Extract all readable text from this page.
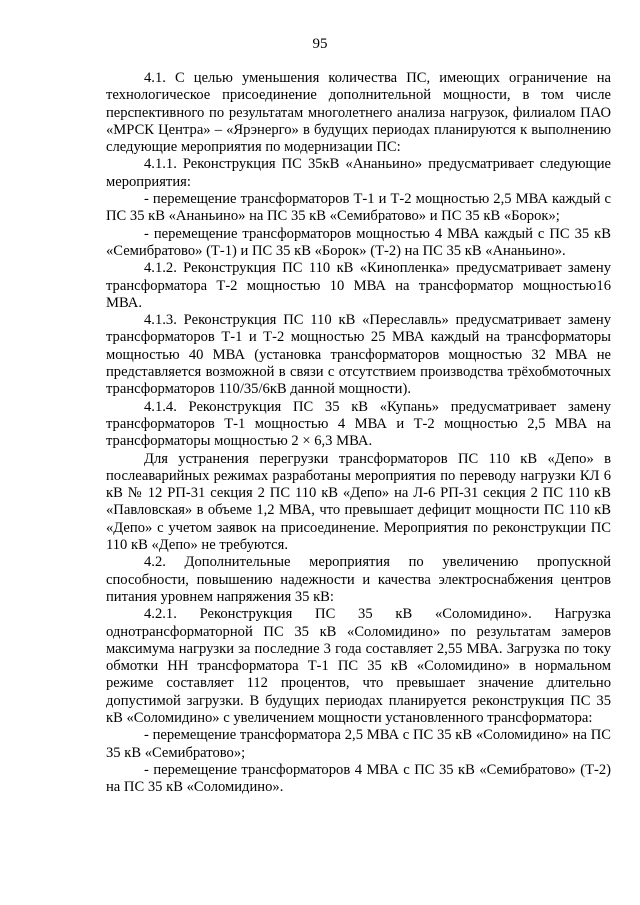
95

4.1. С целью уменьшения количества ПС, имеющих ограничение на технологическое присоединение дополнительной мощности, в том числе перспективного по результатам многолетнего анализа нагрузок, филиалом ПАО «МРСК Центра» – «Ярэнерго» в будущих периодах планируются к выполнению следующие мероприятия по модернизации ПС:

4.1.1. Реконструкция ПС 35кВ «Ананьино» предусматривает следующие мероприятия:

- перемещение трансформаторов Т-1 и Т-2 мощностью 2,5 МВА каждый с ПС 35 кВ «Ананьино» на ПС 35 кВ «Семибратово» и ПС 35 кВ «Борок»;

- перемещение трансформаторов мощностью 4 МВА каждый с ПС 35 кВ «Семибратово» (Т-1) и ПС 35 кВ «Борок» (Т-2) на ПС 35 кВ «Ананьино».

4.1.2. Реконструкция ПС 110 кВ «Кинопленка» предусматривает замену трансформатора Т-2 мощностью 10 МВА на трансформатор мощностью16 МВА.

4.1.3. Реконструкция ПС 110 кВ «Переславль» предусматривает замену трансформаторов Т-1 и Т-2 мощностью 25 МВА каждый на трансформаторы мощностью 40 МВА (установка трансформаторов мощностью 32 МВА не представляется возможной в связи с отсутствием производства трёхобмоточных трансформаторов 110/35/6кВ данной мощности).

4.1.4. Реконструкция ПС 35 кВ «Купань» предусматривает замену трансформаторов Т-1 мощностью 4 МВА и Т-2 мощностью 2,5 МВА на трансформаторы мощностью 2 × 6,3 МВА.

Для устранения перегрузки трансформаторов ПС 110 кВ «Депо» в послеаварийных режимах разработаны мероприятия по переводу нагрузки КЛ 6 кВ № 12 РП-31 секция 2 ПС 110 кВ «Депо» на Л-6 РП-31 секция 2 ПС 110 кВ «Павловская» в объеме 1,2 МВА, что превышает дефицит мощности ПС 110 кВ «Депо» с учетом заявок на присоединение. Мероприятия по реконструкции ПС 110 кВ «Депо» не требуются.

4.2. Дополнительные мероприятия по увеличению пропускной способности, повышению надежности и качества электроснабжения центров питания уровнем напряжения 35 кВ:

4.2.1. Реконструкция ПС 35 кВ «Соломидино». Нагрузка однотрансформаторной ПС 35 кВ «Соломидино» по результатам замеров максимума нагрузки за последние 3 года составляет 2,55 МВА. Загрузка по току обмотки НН трансформатора Т-1 ПС 35 кВ «Соломидино» в нормальном режиме составляет 112 процентов, что превышает значение длительно допустимой загрузки. В будущих периодах планируется реконструкция ПС 35 кВ «Соломидино» с увеличением мощности установленного трансформатора:

- перемещение трансформатора 2,5 МВА с ПС 35 кВ «Соломидино» на ПС 35 кВ «Семибратово»;

- перемещение трансформаторов 4 МВА с ПС 35 кВ «Семибратово» (Т-2) на ПС 35 кВ «Соломидино».
